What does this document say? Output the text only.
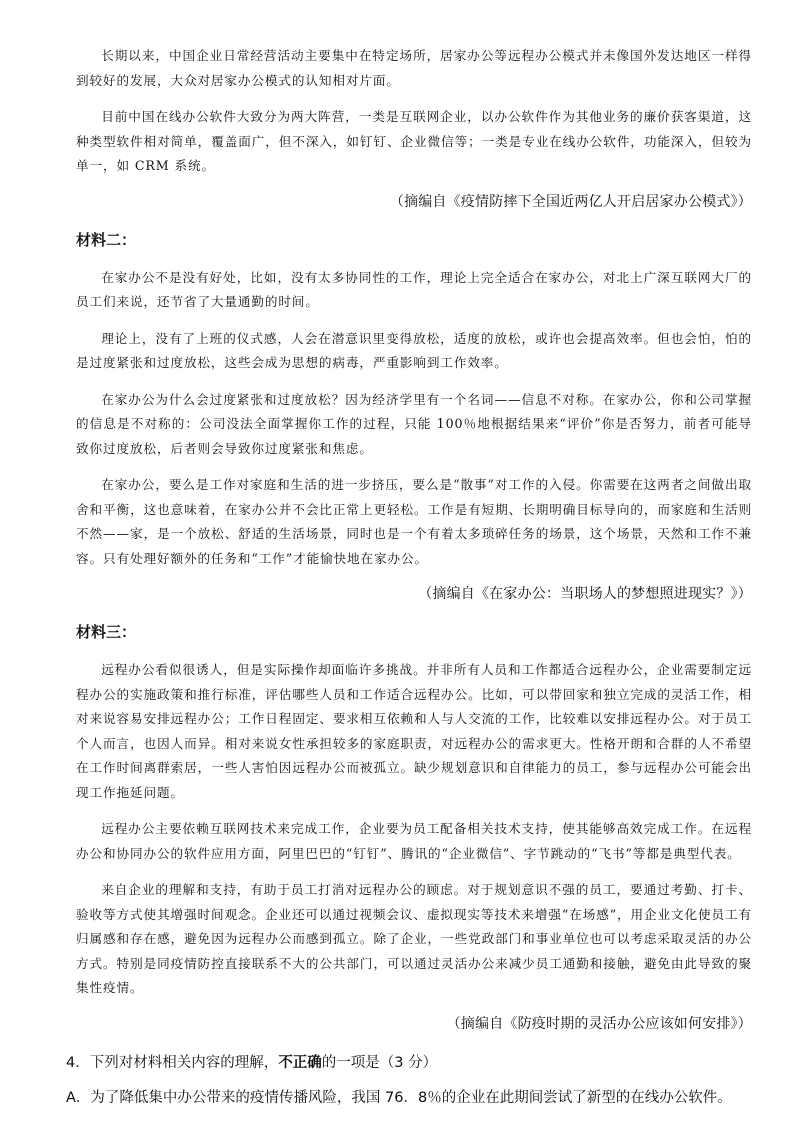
长期以来，中国企业日常经营活动主要集中在特定场所，居家办公等远程办公模式并未像国外发达地区一样得到较好的发展，大众对居家办公模式的认知相对片面。

目前中国在线办公软件大致分为两大阵营，一类是互联网企业，以办公软件作为其他业务的廉价获客渠道，这种类型软件相对简单，覆盖面广，但不深入，如钉钉、企业微信等；一类是专业在线办公软件，功能深入，但较为单一，如 CRM 系统。

（摘编自《疫情防摔下全国近两亿人开启居家办公模式》）
材料二：

在家办公不是没有好处，比如，没有太多协同性的工作，理论上完全适合在家办公，对北上广深互联网大厂的员工们来说，还节省了大量通勤的时间。

理论上，没有了上班的仪式感，人会在潜意识里变得放松，适度的放松，或许也会提高效率。但也会怕，怕的是过度紧张和过度放松，这些会成为思想的病毒，严重影响到工作效率。

在家办公为什么会过度紧张和过度放松？因为经济学里有一个名词——信息不对称。在家办公，你和公司掌握的信息是不对称的：公司没法全面掌握你工作的过程，只能 100％地根据结果来“评价”你是否努力，前者可能导致你过度放松，后者则会导致你过度紧张和焦虑。

在家办公，要么是工作对家庭和生活的进一步挤压，要么是“散事”对工作的入侵。你需要在这两者之间做出取舍和平衡，这也意味着，在家办公并不会比正常上更轻松。工作是有短期、长期明确目标导向的，而家庭和生活则不然——家，是一个放松、舒适的生活场景，同时也是一个有着太多琐碎任务的场景，这个场景，天然和工作不兼容。只有处理好额外的任务和“工作”才能愉快地在家办公。

（摘编自《在家办公：当职场人的梦想照进现实？》）
材料三：

远程办公看似很诱人，但是实际操作却面临许多挑战。并非所有人员和工作都适合远程办公，企业需要制定远程办公的实施政策和推行标准，评估哪些人员和工作适合远程办公。比如，可以带回家和独立完成的灵活工作，相对来说容易安排远程办公；工作日程固定、要求相互依赖和人与人交流的工作，比较难以安排远程办公。对于员工个人而言，也因人而异。相对来说女性承担较多的家庭职责，对远程办公的需求更大。性格开朗和合群的人不希望在工作时间离群索居，一些人害怕因远程办公而被孤立。缺少规划意识和自律能力的员工，参与远程办公可能会出现工作拖延问题。

远程办公主要依赖互联网技术来完成工作，企业要为员工配备相关技术支持，使其能够高效完成工作。在远程办公和协同办公的软件应用方面，阿里巴巴的“钉钉”、腾讯的“企业微信”、字节跳动的“飞书”等都是典型代表。

来自企业的理解和支持，有助于员工打消对远程办公的顾虑。对于规划意识不强的员工，要通过考勤、打卡、验收等方式使其增强时间观念。企业还可以通过视频会议、虚拟现实等技术来增强“在场感”，用企业文化使员工有归属感和存在感，避免因为远程办公而感到孤立。除了企业，一些党政部门和事业单位也可以考虑采取灵活的办公方式。特别是同疫情防控直接联系不大的公共部门，可以通过灵活办公来减少员工通勤和接触，避免由此导致的聚集性疫情。

（摘编自《防疫时期的灵活办公应该如何安排》）
4．下列对材料相关内容的理解，不正确的一项是（3 分）
A．为了降低集中办公带来的疫情传播风险，我国 76．8％的企业在此期间尝试了新型的在线办公软件。
